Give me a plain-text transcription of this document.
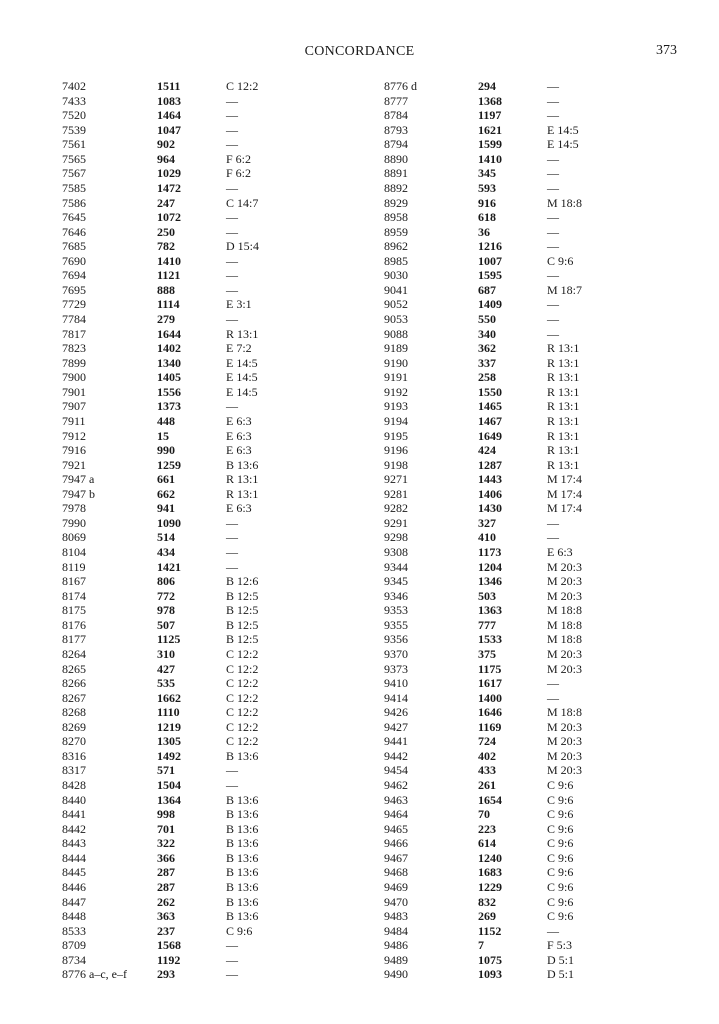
CONCORDANCE	373
7402	1511	C 12:2
7433	1083	—
7520	1464	—
7539	1047	—
7561	902	—
7565	964	F 6:2
7567	1029	F 6:2
7585	1472	—
7586	247	C 14:7
7645	1072	—
7646	250	—
7685	782	D 15:4
7690	1410	—
7694	1121	—
7695	888	—
7729	1114	E 3:1
7784	279	—
7817	1644	R 13:1
7823	1402	E 7:2
7899	1340	E 14:5
7900	1405	E 14:5
7901	1556	E 14:5
7907	1373	—
7911	448	E 6:3
7912	15	E 6:3
7916	990	E 6:3
7921	1259	B 13:6
7947 a	661	R 13:1
7947 b	662	R 13:1
7978	941	E 6:3
7990	1090	—
8069	514	—
8104	434	—
8119	1421	—
8167	806	B 12:6
8174	772	B 12:5
8175	978	B 12:5
8176	507	B 12:5
8177	1125	B 12:5
8264	310	C 12:2
8265	427	C 12:2
8266	535	C 12:2
8267	1662	C 12:2
8268	1110	C 12:2
8269	1219	C 12:2
8270	1305	C 12:2
8316	1492	B 13:6
8317	571	—
8428	1504	—
8440	1364	B 13:6
8441	998	B 13:6
8442	701	B 13:6
8443	322	B 13:6
8444	366	B 13:6
8445	287	B 13:6
8446	287	B 13:6
8447	262	B 13:6
8448	363	B 13:6
8533	237	C 9:6
8709	1568	—
8734	1192	—
8776 a–c, e–f	293	—
8776 d	294	—
8777	1368	—
8784	1197	—
8793	1621	E 14:5
8794	1599	E 14:5
8890	1410	—
8891	345	—
8892	593	—
8929	916	M 18:8
8958	618	—
8959	36	—
8962	1216	—
8985	1007	C 9:6
9030	1595	—
9041	687	M 18:7
9052	1409	—
9053	550	—
9088	340	—
9189	362	R 13:1
9190	337	R 13:1
9191	258	R 13:1
9192	1550	R 13:1
9193	1465	R 13:1
9194	1467	R 13:1
9195	1649	R 13:1
9196	424	R 13:1
9198	1287	R 13:1
9271	1443	M 17:4
9281	1406	M 17:4
9282	1430	M 17:4
9291	327	—
9298	410	—
9308	1173	E 6:3
9344	1204	M 20:3
9345	1346	M 20:3
9346	503	M 20:3
9353	1363	M 18:8
9355	777	M 18:8
9356	1533	M 18:8
9370	375	M 20:3
9373	1175	M 20:3
9410	1617	—
9414	1400	—
9426	1646	M 18:8
9427	1169	M 20:3
9441	724	M 20:3
9442	402	M 20:3
9454	433	M 20:3
9462	261	C 9:6
9463	1654	C 9:6
9464	70	C 9:6
9465	223	C 9:6
9466	614	C 9:6
9467	1240	C 9:6
9468	1683	C 9:6
9469	1229	C 9:6
9470	832	C 9:6
9483	269	C 9:6
9484	1152	—
9486	7	F 5:3
9489	1075	D 5:1
9490	1093	D 5:1
